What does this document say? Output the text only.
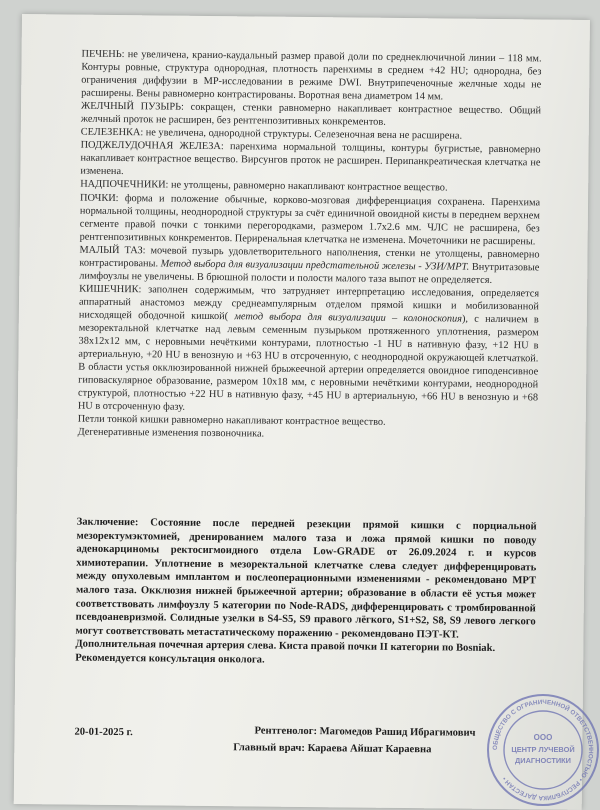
ПЕЧЕНЬ: не увеличена, кранио-каудальный размер правой доли по среднеключичной линии – 118 мм. Контуры ровные, структура однородная, плотность паренхимы в среднем +42 HU; однородна, без ограничения диффузии в МР-исследовании в режиме DWI. Внутрипеченочные желчные ходы не расширены. Вены равномерно контрастированы. Воротная вена диаметром 14 мм.

ЖЕЛЧНЫЙ ПУЗЫРЬ: сокращен, стенки равномерно накапливает контрастное вещество. Общий желчный проток не расширен, без рентгенпозитивных конкрементов.

СЕЛЕЗЕНКА: не увеличена, однородной структуры. Селезеночная вена не расширена.

ПОДЖЕЛУДОЧНАЯ ЖЕЛЕЗА: паренхима нормальной толщины, контуры бугристые, равномерно накапливает контрастное вещество. Вирсунгов проток не расширен. Перипанкреатическая клетчатка не изменена.

НАДПОЧЕЧНИКИ: не утолщены, равномерно накапливают контрастное вещество.

ПОЧКИ: форма и положение обычные, корково-мозговая дифференциация сохранена. Паренхима нормальной толщины, неоднородной структуры за счёт единичной овоидной кисты в переднем верхнем сегменте правой почки с тонкими перегородками, размером 1.7x2.6 мм. ЧЛС не расширена, без рентгенпозитивных конкрементов. Периренальная клетчатка не изменена. Мочеточники не расширены.

МАЛЫЙ ТАЗ: мочевой пузырь удовлетворительного наполнения, стенки не утолщены, равномерно контрастированы. Метод выбора для визуализации предстательной железы - УЗИ/МРТ. Внутритазовые лимфоузлы не увеличены. В брюшной полости и полости малого таза выпот не определяется.

КИШЕЧНИК: заполнен содержимым, что затрудняет интерпретацию исследования, определяется аппаратный анастомоз между среднеампулярным отделом прямой кишки и мобилизованной нисходящей ободочной кишкой( метод выбора для визуализации – колоноскопия), с наличием в мезоректальной клетчатке над левым семенным пузырьком протяженного уплотнения, размером 38x12x12 мм, с неровными нечёткими контурами, плотностью -1 HU в нативную фазу, +12 HU в артериальную, +20 HU в венозную и +63 HU в отсроченную, с неоднородной окружающей клетчаткой. В области устья окклюзированной нижней брыжеечной артерии определяется овоидное гиподенсивное гиповаскулярное образование, размером 10x18 мм, с неровными нечёткими контурами, неоднородной структурой, плотностью +22 HU в нативную фазу, +45 HU в артериальную, +66 HU в венозную и +68 HU в отсроченную фазу.

Петли тонкой кишки равномерно накапливают контрастное вещество.

Дегенеративные изменения позвоночника.

Заключение: Состояние после передней резекции прямой кишки с порциальной мезоректумэктомией, дренированием малого таза и ложа прямой кишки по поводу аденокарциномы ректосигмоидного отдела Low-GRADE от 26.09.2024 г. и курсов химиотерапии. Уплотнение в мезоректальной клетчатке слева следует дифференцировать между опухолевым имплантом и послеоперационными изменениями - рекомендовано МРТ малого таза. Окклюзия нижней брыжеечной артерии; образование в области её устья может соответствовать лимфоузлу 5 категории по Node-RADS, дифференцировать с тромбированной псевдоаневризмой. Солидные узелки в S4-S5, S9 правого лёгкого, S1+S2, S8, S9 левого легкого могут соответствовать метастатическому поражению - рекомендовано ПЭТ-КТ.

Дополнительная почечная артерия слева. Киста правой почки II категории по Bosniak.

Рекомендуется консультация онколога.

20-01-2025 г.	Рентгенолог: Магомедов Рашид Ибрагимович
Главный врач: Караева Айшат Караевна	ОБЩЕСТВО С ОГРАНИЧЕННОЙ ОТВЕТСТВЕННОСТЬЮ • РЕСПУБЛИКА ДАГЕСТАН •
ООО
ЦЕНТР ЛУЧЕВОЙ
ДИАГНОСТИКИ
